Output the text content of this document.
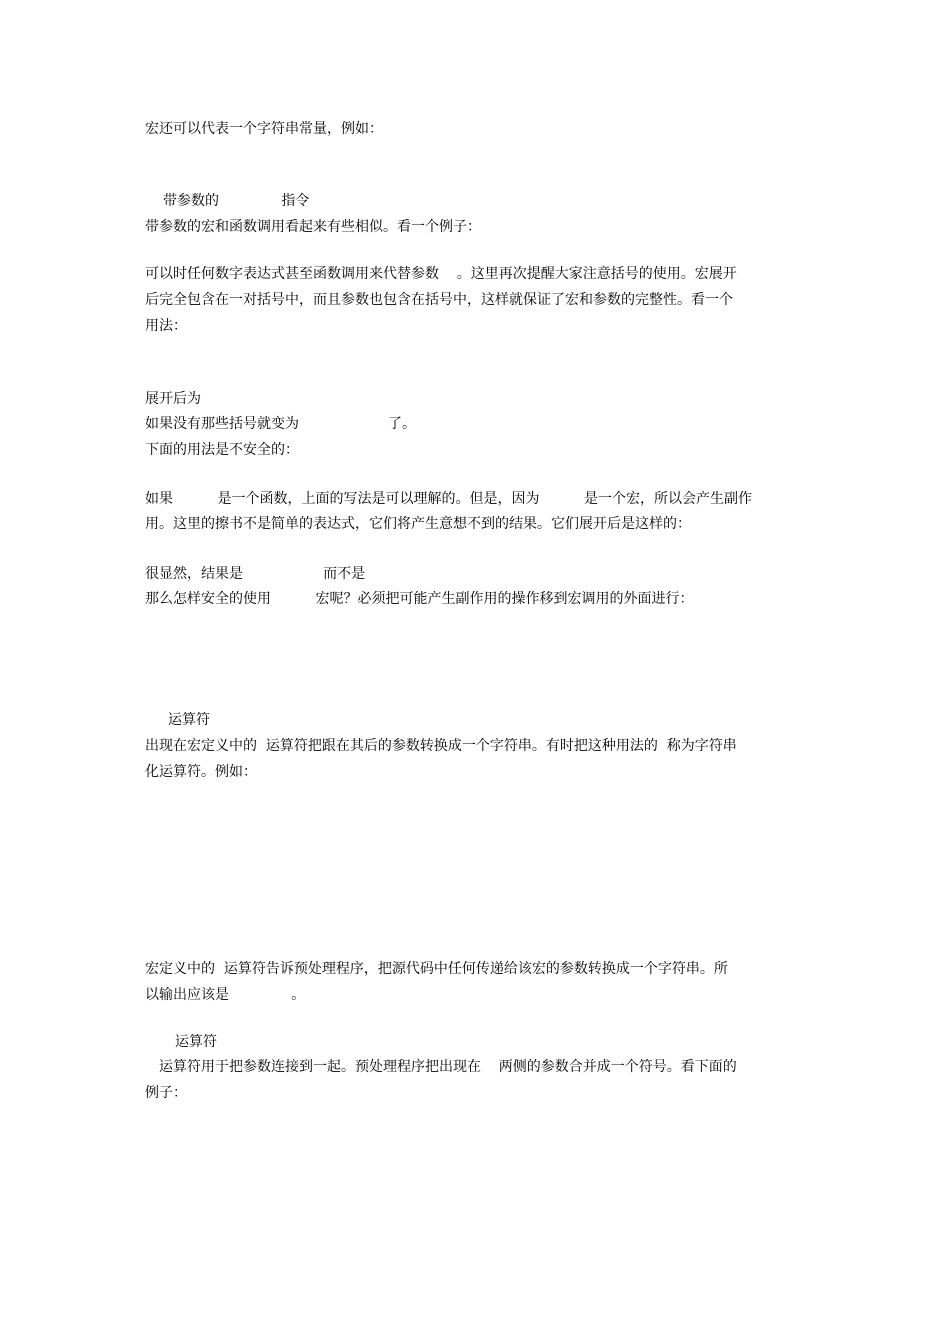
宏还可以代表一个字符串常量，例如：

带参数的              指令

带参数的宏和函数调用看起来有些相似。看一个例子：

可以时任何数字表达式甚至函数调用来代替参数    。这里再次提醒大家注意括号的使用。宏展开

后完全包含在一对括号中，而且参数也包含在括号中，这样就保证了宏和参数的完整性。看一个

用法：

展开后为

如果没有那些括号就变为                    了。

下面的用法是不安全的：

如果          是一个函数，上面的写法是可以理解的。但是，因为          是一个宏，所以会产生副作

用。这里的擦书不是简单的表达式，它们将产生意想不到的结果。它们展开后是这样的：

很显然，结果是                  而不是

那么怎样安全的使用          宏呢？必须把可能产生副作用的操作移到宏调用的外面进行：

运算符

出现在宏定义中的  运算符把跟在其后的参数转换成一个字符串。有时把这种用法的  称为字符串

化运算符。例如：

宏定义中的  运算符告诉预处理程序，把源代码中任何传递给该宏的参数转换成一个字符串。所

以输出应该是              。

运算符

运算符用于把参数连接到一起。预处理程序把出现在    两侧的参数合并成一个符号。看下面的

例子：
